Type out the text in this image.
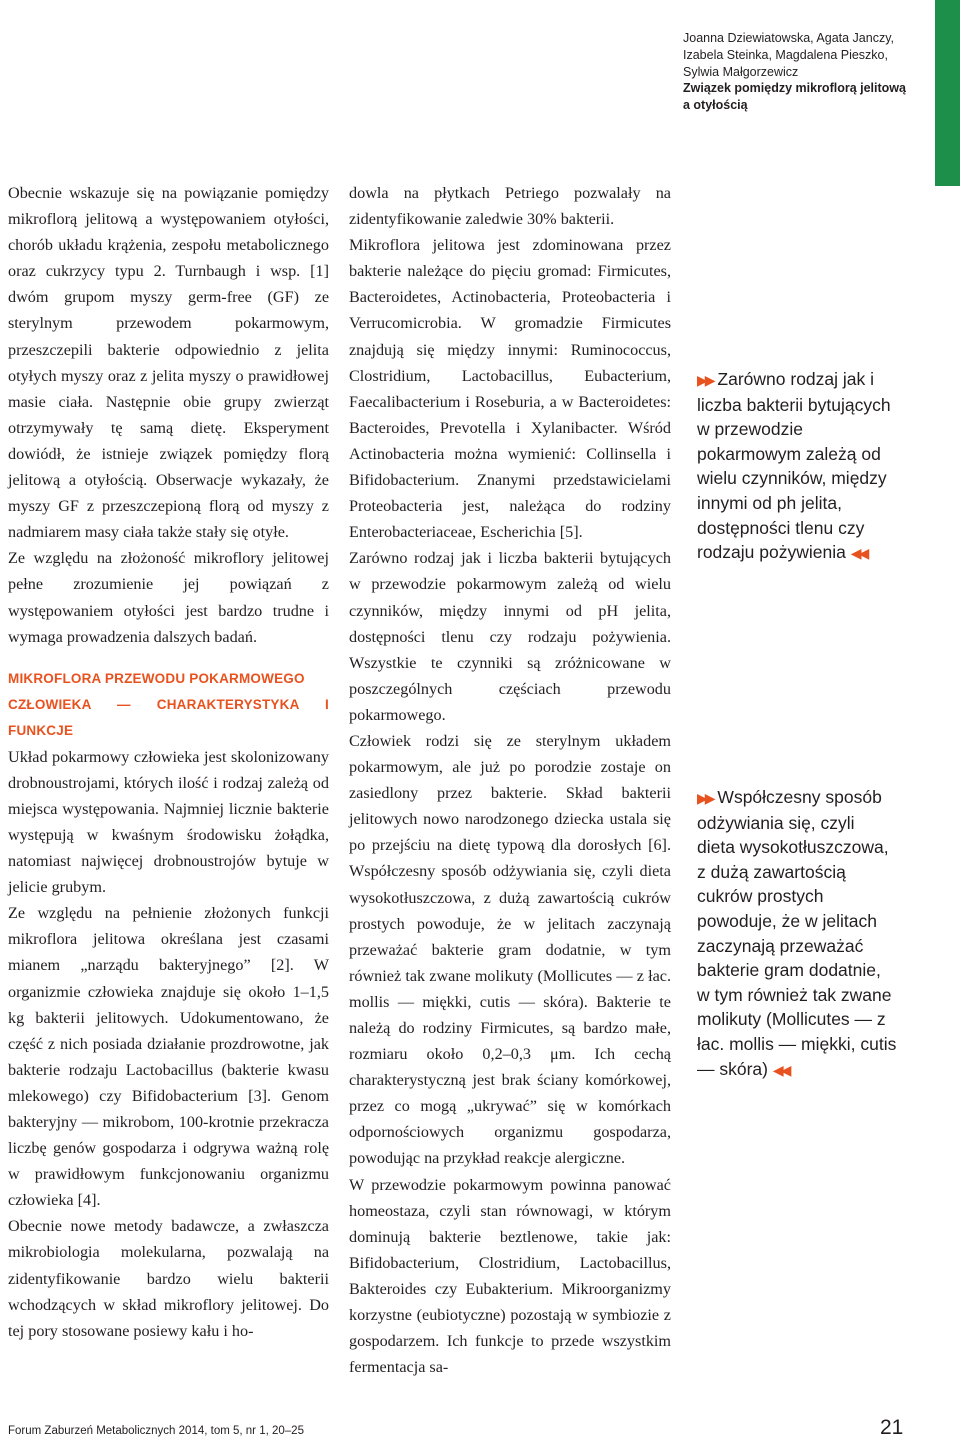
Joanna Dziewiatowska, Agata Janczy,
Izabela Steinka, Magdalena Pieszko,
Sylwia Małgorzewicz
Związek pomiędzy mikroflorą jelitową
a otyłością

Obecnie wskazuje się na powiązanie pomiędzy mikroflorą jelitową a występowaniem otyłości, chorób układu krążenia, zespołu metabolicznego oraz cukrzycy typu 2. Turnbaugh i wsp. [1] dwóm grupom myszy germ-free (GF) ze sterylnym przewodem pokarmowym, przeszczepili bakterie odpowiednio z jelita otyłych myszy oraz z jelita myszy o prawidłowej masie ciała. Następnie obie grupy zwierząt otrzymywały tę samą dietę. Eksperyment dowiódł, że istnieje związek pomiędzy florą jelitową a otyłością. Obserwacje wykazały, że myszy GF z przeszczepioną florą od myszy z nadmiarem masy ciała także stały się otyłe.

Ze względu na złożoność mikroflory jelitowej pełne zrozumienie jej powiązań z występowaniem otyłości jest bardzo trudne i wymaga prowadzenia dalszych badań.

MIKROFLORA PRZEWODU POKARMOWEGO
CZŁOWIEKA — CHARAKTERYSTYKA I FUNKCJE

Układ pokarmowy człowieka jest skolonizowany drobnoustrojami, których ilość i rodzaj zależą od miejsca występowania. Najmniej licznie bakterie występują w kwaśnym środowisku żołądka, natomiast najwięcej drobnoustrojów bytuje w jelicie grubym.

Ze względu na pełnienie złożonych funkcji mikroflora jelitowa określana jest czasami mianem „narządu bakteryjnego” [2]. W organizmie człowieka znajduje się około 1–1,5 kg bakterii jelitowych. Udokumentowano, że część z nich posiada działanie prozdrowotne, jak bakterie rodzaju Lactobacillus (bakterie kwasu mlekowego) czy Bifidobacterium [3]. Genom bakteryjny — mikrobom, 100-krotnie przekracza liczbę genów gospodarza i odgrywa ważną rolę w prawidłowym funkcjonowaniu organizmu człowieka [4].

Obecnie nowe metody badawcze, a zwłaszcza mikrobiologia molekularna, pozwalają na zidentyfikowanie bardzo wielu bakterii wchodzących w skład mikroflory jelitowej. Do tej pory stosowane posiewy kału i ho-

dowla na płytkach Petriego pozwalały na zidentyfikowanie zaledwie 30% bakterii.

Mikroflora jelitowa jest zdominowana przez bakterie należące do pięciu gromad: Firmicutes, Bacteroidetes, Actinobacteria, Proteobacteria i Verrucomicrobia. W gromadzie Firmicutes znajdują się między innymi: Ruminococcus, Clostridium, Lactobacillus, Eubacterium, Faecalibacterium i Roseburia, a w Bacteroidetes: Bacteroides, Prevotella i Xylanibacter. Wśród Actinobacteria można wymienić: Collinsella i Bifidobacterium. Znanymi przedstawicielami Proteobacteria jest, należąca do rodziny Enterobacteriaceae, Escherichia [5].

Zarówno rodzaj jak i liczba bakterii bytujących w przewodzie pokarmowym zależą od wielu czynników, między innymi od pH jelita, dostępności tlenu czy rodzaju pożywienia. Wszystkie te czynniki są zróżnicowane w poszczególnych częściach przewodu pokarmowego.

Człowiek rodzi się ze sterylnym układem pokarmowym, ale już po porodzie zostaje on zasiedlony przez bakterie. Skład bakterii jelitowych nowo narodzonego dziecka ustala się po przejściu na dietę typową dla dorosłych [6]. Współczesny sposób odżywiania się, czyli dieta wysokotłuszczowa, z dużą zawartością cukrów prostych powoduje, że w jelitach zaczynają przeważać bakterie gram dodatnie, w tym również tak zwane molikuty (Mollicutes — z łac. mollis — miękki, cutis — skóra). Bakterie te należą do rodziny Firmicutes, są bardzo małe, rozmiaru około 0,2–0,3 μm. Ich cechą charakterystyczną jest brak ściany komórkowej, przez co mogą „ukrywać” się w komórkach odpornościowych organizmu gospodarza, powodując na przykład reakcje alergiczne.

W przewodzie pokarmowym powinna panować homeostaza, czyli stan równowagi, w którym dominują bakterie beztlenowe, takie jak: Bifidobacterium, Clostridium, Lactobacillus, Bakteroides czy Eubakterium. Mikroorganizmy korzystne (eubiotyczne) pozostają w symbiozie z gospodarzem. Ich funkcje to przede wszystkim fermentacja sa-

▶▶ Zarówno rodzaj jak i liczba bakterii bytujących w przewodzie pokarmowym zależą od wielu czynników, między innymi od ph jelita, dostępności tlenu czy rodzaju pożywienia ◀◀
▶▶ Współczesny sposób odżywiania się, czyli dieta wysokotłuszczowa, z dużą zawartością cukrów prostych powoduje, że w jelitach zaczynają przeważać bakterie gram dodatnie, w tym również tak zwane molikuty (Mollicutes — z łac. mollis — miękki, cutis — skóra) ◀◀
Forum Zaburzeń Metabolicznych 2014, tom 5, nr 1, 20–25	21
